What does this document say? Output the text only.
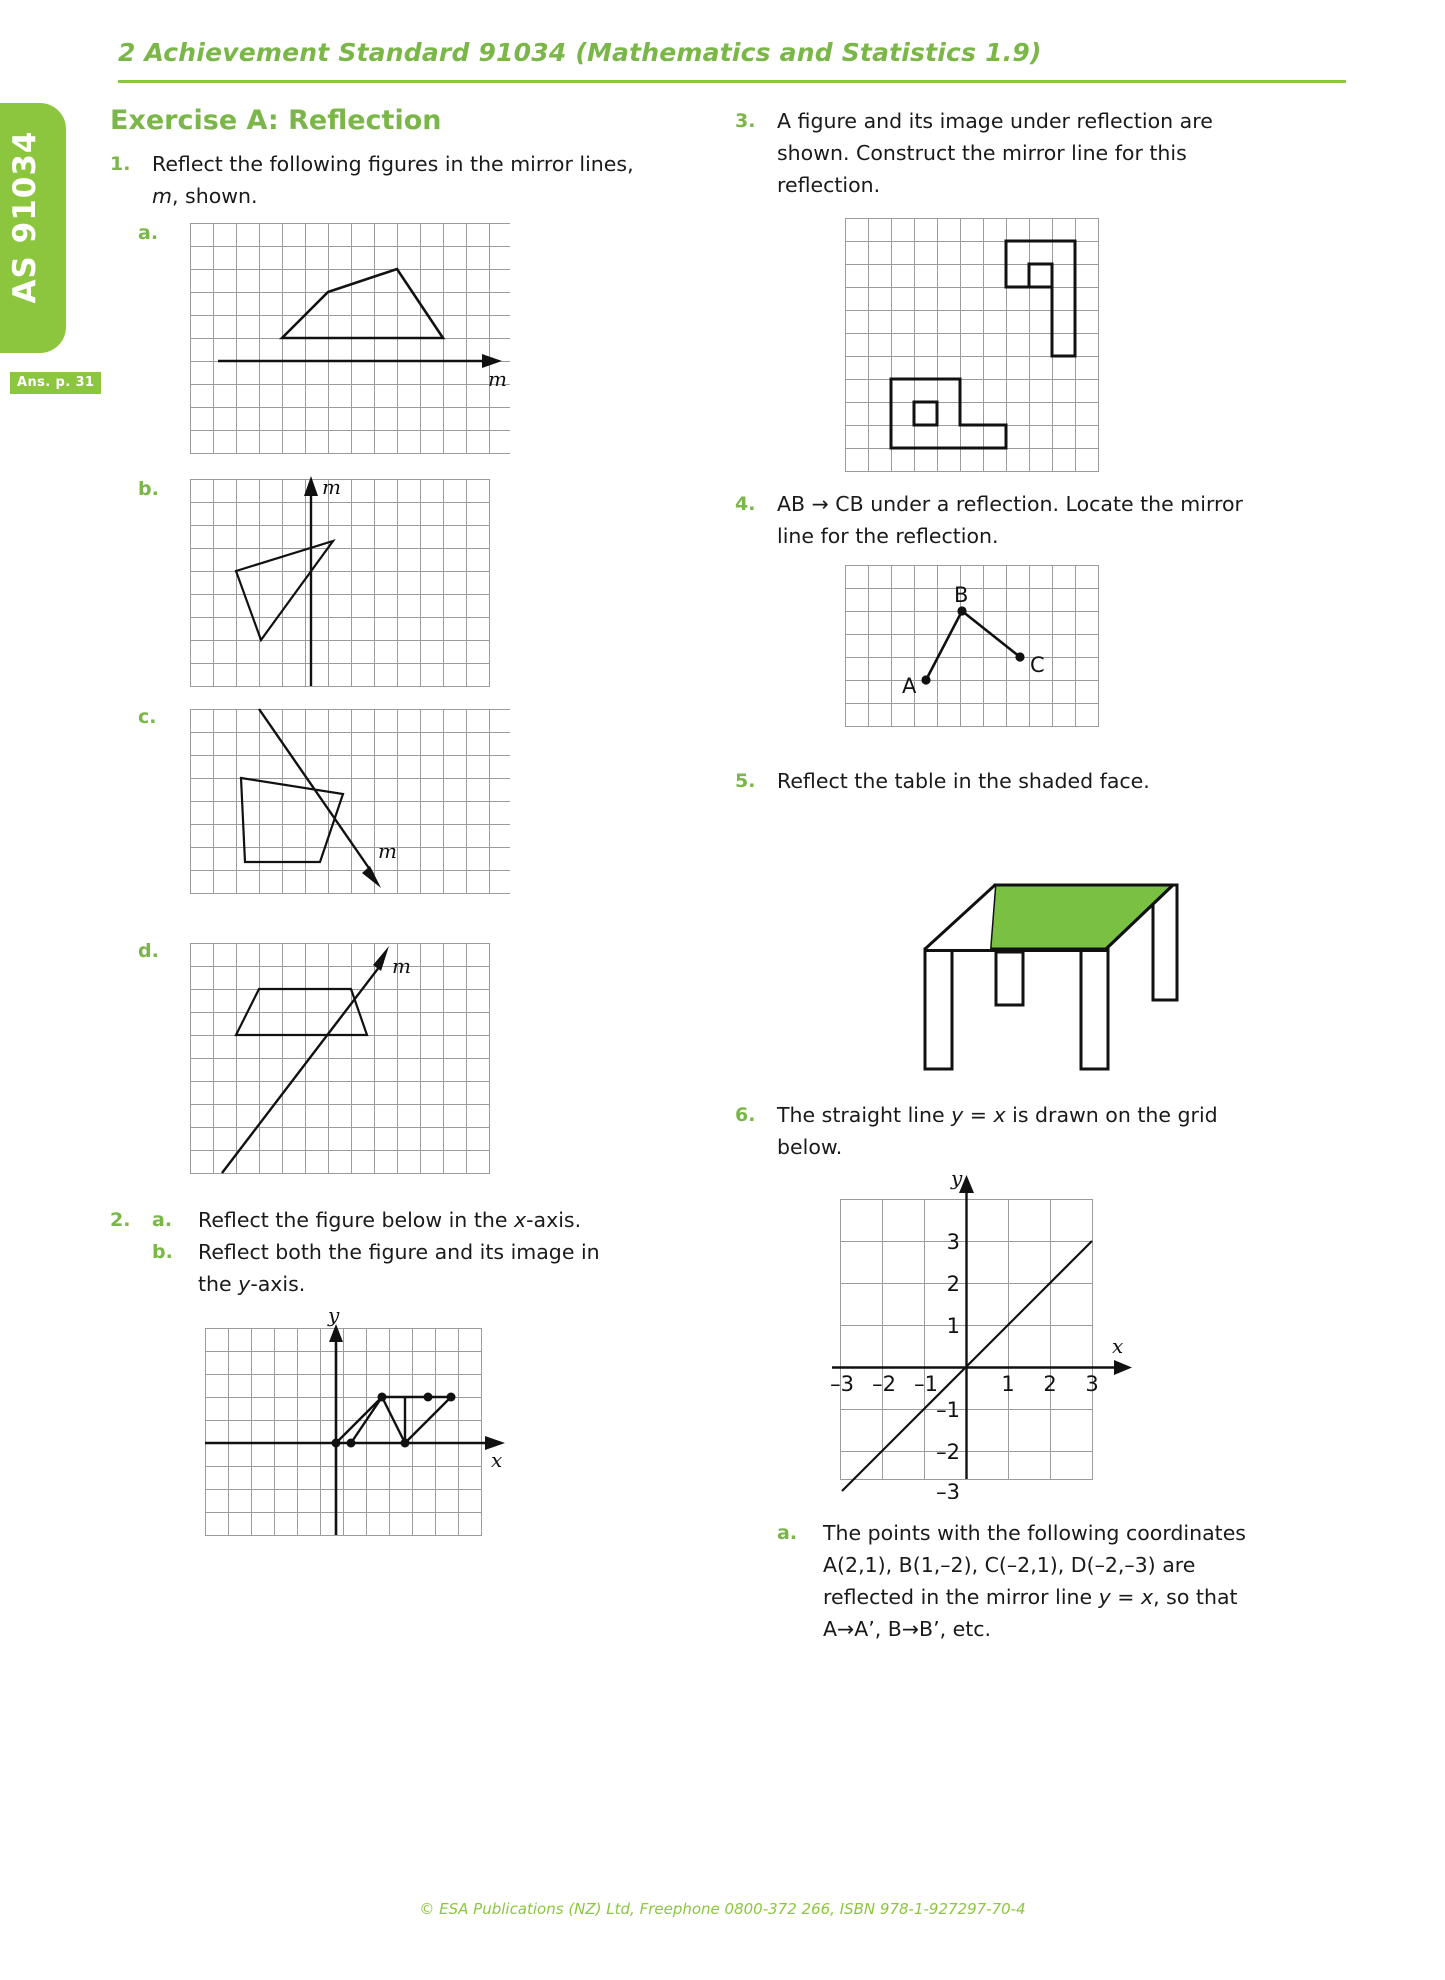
2 Achievement Standard 91034 (Mathematics and Statistics 1.9)
AS 91034
Ans. p. 31
Exercise A: Reflection
1.	Reflect the following figures in the mirror lines,
m, shown.
a.
m
b.	m
c.
m
d.
m
2.	a.	Reflect the figure below in the x-axis.
b.	Reflect both the figure and its image in
the y-axis.
y
x
3.	A figure and its image under reflection are
shown. Construct the mirror line for this
reflection.
4.	AB → CB under a reflection. Locate the mirror
line for the reflection.
A
B
C
5.	Reflect the table in the shaded face.
6.	The straight line y = x is drawn on the grid
below.
y
x
–3 –2 –1	1 2 3
3
2
1
–1
–2
–3
a.	The points with the following coordinates
A(2,1), B(1,–2), C(–2,1), D(–2,–3) are
reflected in the mirror line y = x, so that
A→A’, B→B’, etc.
© ESA Publications (NZ) Ltd, Freephone 0800-372 266, ISBN 978-1-927297-70-4
